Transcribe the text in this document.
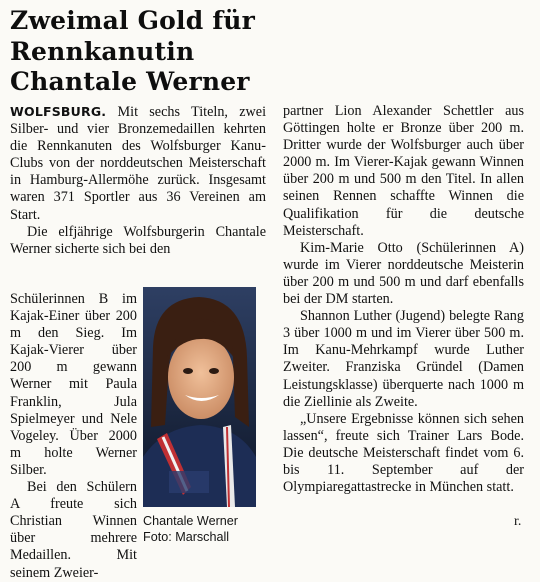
Zweimal Gold für
Rennkanutin
Chantale Werner

WOLFSBURG. Mit sechs Titeln, zwei Silber- und vier Bronzemedaillen kehrten die Rennkanuten des Wolfsburger Kanu-Clubs von der norddeutschen Meisterschaft in Hamburg-Allermöhe zurück. Insgesamt waren 371 Sportler aus 36 Vereinen am Start.

Die elfjährige Wolfsburgerin Chantale Werner sicherte sich bei den

Schülerinnen B im Kajak-Einer über 200 m den Sieg. Im Kajak-Vierer über 200 m gewann Werner mit Paula Franklin, Jula Spielmeyer und Nele Vogeley. Über 2000 m holte Werner Silber.

Bei den Schülern A freute sich Christian Winnen über mehrere Medaillen. Mit seinem Zweier-

Chantale Werner
Foto: Marschall

partner Lion Alexander Schettler aus Göttingen holte er Bronze über 200 m. Dritter wurde der Wolfsburger auch über 2000 m. Im Vierer-Kajak gewann Winnen über 200 m und 500 m den Titel. In allen seinen Rennen schaffte Winnen die Qualifikation für die deutsche Meisterschaft.

Kim-Marie Otto (Schülerinnen A) wurde im Vierer norddeutsche Meisterin über 200 m und 500 m und darf ebenfalls bei der DM starten.

Shannon Luther (Jugend) belegte Rang 3 über 1000 m und im Vierer über 500 m. Im Kanu-Mehrkampf wurde Luther Zweiter. Franziska Gründel (Damen Leistungsklasse) überquerte nach 1000 m die Ziellinie als Zweite.

„Unsere Ergebnisse können sich sehen lassen“, freute sich Trainer Lars Bode. Die deutsche Meisterschaft findet vom 6. bis 11. September auf der Olympiaregattastrecke in München statt.

r.
